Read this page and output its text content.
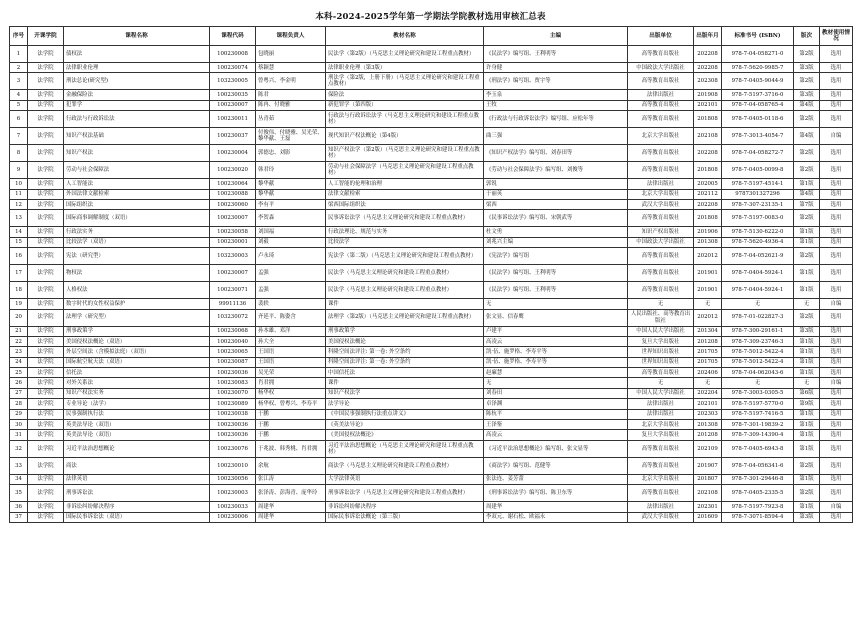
本科-2024-2025学年第一学期法学院教材选用审核汇总表
序号	开课学院	课程名称	课程代码	课程负责人	教材名称	主编	出版单位	出版年月	标准书号 (ISBN)	版次	教材使用情况
1	法学院	债权法	100230008	包晓丽	民法学（第2版）（马克思主义理论研究和建设工程重点教材）	《民法学》编写组、王利明等	高等教育出版社	202208	978-7-04-058271-0	第2版	选用
2	法学院	法律职业伦理	100230074	蔡颖慧	法律职业伦理（第3版）	许身健	中国政法大学出版社	202208	978-7-5620-9985-7	第3版	选用
3	法学院	刑法总论(研究型)	103230005	曾粤兴、李金明	刑法学（第2版，上册下册）（马克思主义理论研究和建设工程重点教材）	《刑法学》编写组、贾宇等	高等教育出版社	202308	978-7-0405-9044-9	第2版	选用
4	法学院	金融保险法	100230035	陈君	保险法	李玉泉	法律出版社	201908	978-7-5197-3716-0	第3版	选用
5	法学院	犯罪学	100230007	陈冉、付晓雅	新犯罪学（第四版）	王牧	高等教育出版社	202101	978-7-04-058765-4	第4版	选用
6	法学院	行政法与行政诉讼法	100230011	丛青茹	行政法与行政诉讼法学（马克思主义理论研究和建设工程重点教材）	《行政法与行政诉讼法学》编写组、应松年等	高等教育出版社	201808	978-7-0405-0118-6	第2版	选用
7	法学院	知识产权法基础	100230037	付俊伟、付晓雅、吴光荣、黎华献、王磊	现代知识产权法概论（第4版）	曲三强	北京大学出版社	202108	978-7-3013-4054-7	第4版	自编
8	法学院	知识产权法	100230004	郭德忠、刘影	知识产权法学（第2版）（马克思主义理论研究和建设工程重点教材）	《知识产权法学》编写组、刘春田等	高等教育出版社	202208	978-7-04-058272-7	第2版	选用
9	法学院	劳动与社会保障法	100230020	韩君玲	劳动与社会保障法学（马克思主义理论研究和建设工程重点教材）	《劳动与社会保障法学》编写组、刘俊等	高等教育出版社	201808	978-7-0405-0099-8	第2版	选用
10	法学院	人工智能法	100230064	黎华献	人工智能的伦理和治理	郭锐	法律出版社	202005	978-7-5197-4514-1	第1版	选用
11	法学院	外国法律文献检索	100230088	黎华献	法律文献检索	于丽英	北京大学出版社	202112	9787301327296	第4版	选用
12	法学院	国际组织法	100230060	李有平	梁西国际组织法	梁西	武汉大学出版社	202208	978-7-307-23135-1	第7版	选用
13	法学院	国际商事调解制度（双语）	100230007	李贺森	民事诉讼法学（马克思主义理论研究和建设工程重点教材）	《民事诉讼法学》编写组、宋朝武等	高等教育出版社	201808	978-7-5197-0083-0	第2版	选用
14	法学院	行政法实务	100230058	刘国福	行政法理论、规范与实务	杜文勇	知识产权出版社	201906	978-7-5130-6222-0	第1版	选用
15	法学院	比较法学（双语）	100230001	刘毅	比较法学	刘兆兴主编	中国政法大学出版社	201308	978-7-5620-4936-4	第1版	选用
16	法学院	宪法（研究型）	103230003	卢永琦	宪法学（第二版）（马克思主义理论研究和建设工程重点教材）	《宪法学》编写组	高等教育出版社	202012	978-7-04-052621-9	第2版	选用
17	法学院	物权法	100230007	孟强	民法学（马克思主义理论研究和建设工程重点教材）	《民法学》编写组、王利明等	高等教育出版社	201901	978-7-0404-5924-1	第1版	选用
18	法学院	人格权法	100230071	孟强	民法学（马克思主义理论研究和建设工程重点教材）	《民法学》编写组、王利明等	高等教育出版社	201901	978-7-0404-5924-1	第1版	选用
19	法学院	数字时代的女性权益保护	99911136	裴轶	课件	无	无	无	无	无	自编
20	法学院	法理学（研究型）	103230072	齐延平、陈姿含	法理学（第2版）（马克思主义理论研究和建设工程重点教材）	张文显、信春鹰	人民出版社、高等教育出版社	202012	978-7-01-022827-3	第2版	选用
21	法学院	刑事政策学	100230068	孙本雄、邓洋	刑事政策学	卢建平	中国人民大学出版社	201304	978-7-300-29161-1	第3版	选用
22	法学院	美国侵权法概论（双语）	100230040	孙大全	美国侵权法概论	高凌云	复旦大学出版社	201208	978-7-309-23746-3	第1版	选用
23	法学院	外层空间法（含模拟法庭）（双语）	100230065	王国语	科隆空间法评注: 第一卷: 外空条约	凯·伍、施罗格、李寿平等	世界知识出版社	201705	978-7-5012-5422-4	第1版	选用
24	法学院	国际航空航天法（双语）	100230087	王国语	科隆空间法评注: 第一卷: 外空条约	凯·伍、施罗格、李寿平等	世界知识出版社	201705	978-7-5012-5422-4	第1版	选用
25	法学院	信托法	100230036	吴光荣	中国信托法	赵廉慧	高等教育出版社	202406	978-7-04-062043-6	第1版	选用
26	法学院	对外关系法	100230083	肖君拥	课件	无	无	无	无	无	自编
27	法学院	知识产权法实务	100230070	杨华权	知识产权法学	刘春田	中国人民大学出版社	202204	978-7-3003-0305-5	第6版	选用
28	法学院	专业导论（法学）	100230089	杨华权、曾粤兴、李寿平	法学导论	卓泽渊	法律出版社	202101	978-7-5197-5770-0	第9版	选用
29	法学院	民事强制执行法	100230038	于鹏	《中国民事强制执行法重点讲义》	陈杭平	法律出版社	202303	978-7-5197-7416-5	第1版	选用
30	法学院	英美法导论（双语）	100230036	于鹏	《英美法导论》	王泽鉴	北京大学出版社	201308	978-7-301-19839-2	第1版	选用
31	法学院	英美法导论（双语）	100230036	于鹏	《美国侵权法概论》	高凌云	复旦大学出版社	201208	978-7-309-14390-4	第1版	选用
32	法学院	习近平法治思想概论	100230076	于兆波、韩秀桃、肖君拥	习近平法治思想概论（马克思主义理论研究和建设工程重点教材）	《习近平法治思想概论》编写组、张文显等	高等教育出版社	202109	978-7-0405-6943-8	第1版	选用
33	法学院	商法	100230010	余航	商法学（马克思主义理论研究和建设工程重点教材）	《商法学》编写组、范健等	高等教育出版社	201907	978-7-04-056341-6	第2版	选用
34	法学院	法律英语	100230056	张江涛	大学法律英语	张法连、姜芳蕾	北京大学出版社	201807	978-7-301-29446-8	第1版	选用
35	法学院	刑事诉讼法	100230003	张泽涛、彭海青、庞华玲	刑事诉讼法学（马克思主义理论研究和建设工程重点教材）	《刑事诉讼法学》编写组、陈卫东等	高等教育出版社	202108	978-7-0405-2335-5	第2版	选用
36	法学院	非诉讼纠纷解决程序	100230033	周建华	非诉讼纠纷解决程序	周建华	法律出版社	202301	978-7-5197-7923-8	第1版	自编
37	法学院	国际民事诉讼法（双语）	100230006	周建华	国际民事诉讼法概论（第三版）	李双元、谢石松、欧福永	武汉大学出版社	201609	978-7-3071-8594-4	第3版	选用
